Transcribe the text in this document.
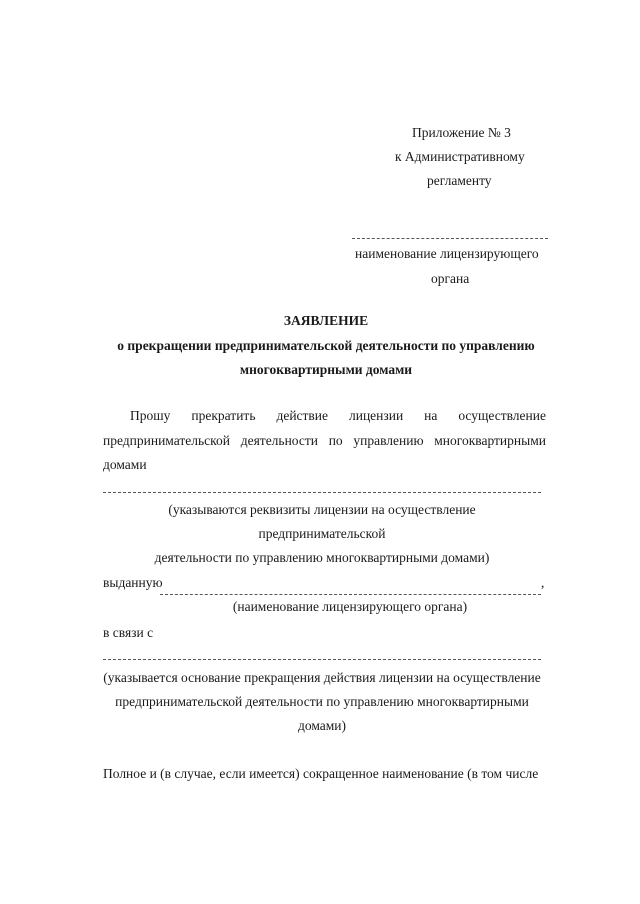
Приложение № 3
к Административному
регламенту
наименование лицензирующего
органа
ЗАЯВЛЕНИЕ
о прекращении предпринимательской деятельности по управлению
многоквартирными домами
Прошу прекратить действие лицензии на осуществление
предпринимательской деятельности по управлению многоквартирными
домами
(указываются реквизиты лицензии на осуществление
предпринимательской
деятельности по управлению многоквартирными домами)
выданную	,
(наименование лицензирующего органа)
в связи с
(указывается основание прекращения действия лицензии на осуществление
предпринимательской деятельности по управлению многоквартирными
домами)
Полное и (в случае, если имеется) сокращенное наименование (в том числе
